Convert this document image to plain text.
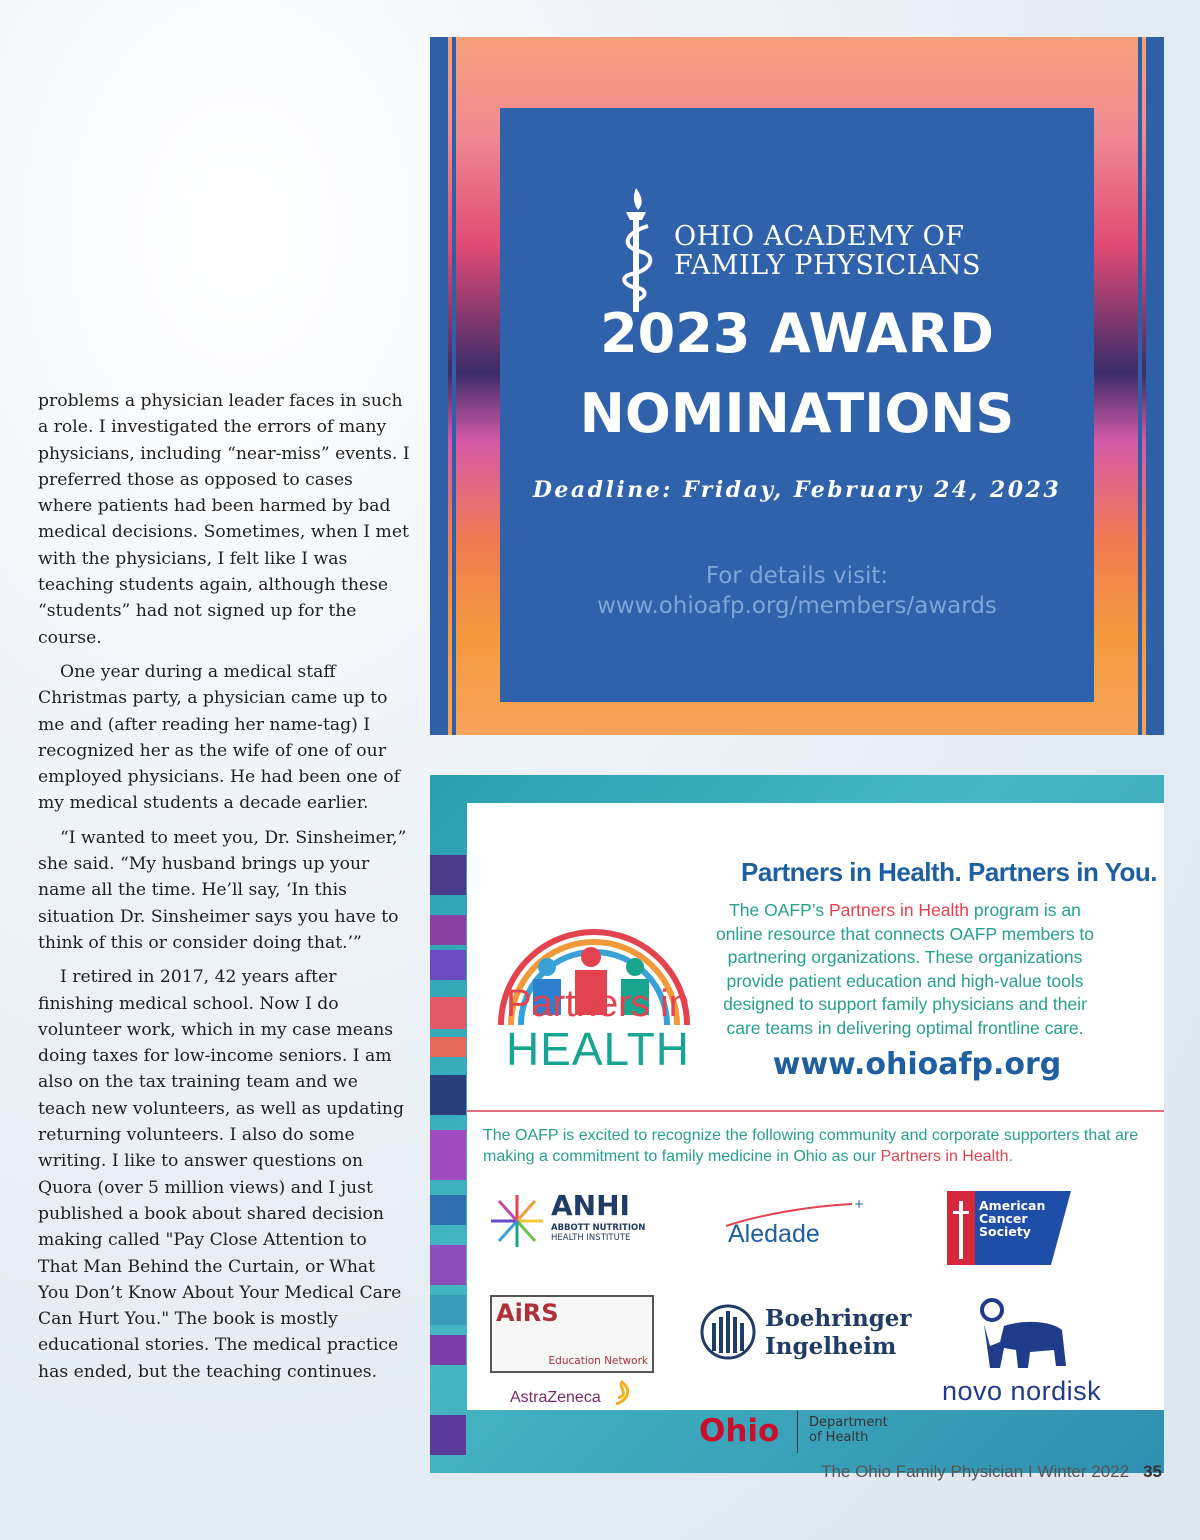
problems a physician leader faces in such a role. I investigated the errors of many physicians, including “near-miss” events. I preferred those as opposed to cases where patients had been harmed by bad medical decisions. Sometimes, when I met with the physicians, I felt like I was teaching students again, although these “students” had not signed up for the course.

One year during a medical staff Christmas party, a physician came up to me and (after reading her name-tag) I recognized her as the wife of one of our employed physicians. He had been one of my medical students a decade earlier.

“I wanted to meet you, Dr. Sinsheimer,” she said. “My husband brings up your name all the time. He’ll say, ‘In this situation Dr. Sinsheimer says you have to think of this or consider doing that.’”

I retired in 2017, 42 years after finishing medical school. Now I do volunteer work, which in my case means doing taxes for low-income seniors. I am also on the tax training team and we teach new volunteers, as well as updating returning volunteers. I also do some writing. I like to answer questions on Quora (over 5 million views) and I just published a book about shared decision making called "Pay Close Attention to That Man Behind the Curtain, or What You Don’t Know About Your Medical Care Can Hurt You." The book is mostly educational stories. The medical practice has ended, but the teaching continues.

OHIO ACADEMY OF
FAMILY PHYSICIANS
2023 AWARD
NOMINATIONS
Deadline: Friday, February 24, 2023
For details visit:
www.ohioafp.org/members/awards
Partners in
HEALTH
Partners in Health. Partners in You.
The OAFP’s Partners in Health program is an online resource that connects OAFP members to partnering organizations. These organizations provide patient education and high-value tools designed to support family physicians and their care teams in delivering optimal frontline care.
www.ohioafp.org
The OAFP is excited to recognize the following community and corporate supporters that are making a commitment to family medicine in Ohio as our Partners in Health.
ANHI
ABBOTT NUTRITION
HEALTH INSTITUTE
+
Aledade
American
Cancer
Society
AiRS
Education Network
AstraZeneca
Boehringer
Ingelheim
novo nordisk
Ohio Department
of Health
The Ohio Family Physician I Winter 2022 35
